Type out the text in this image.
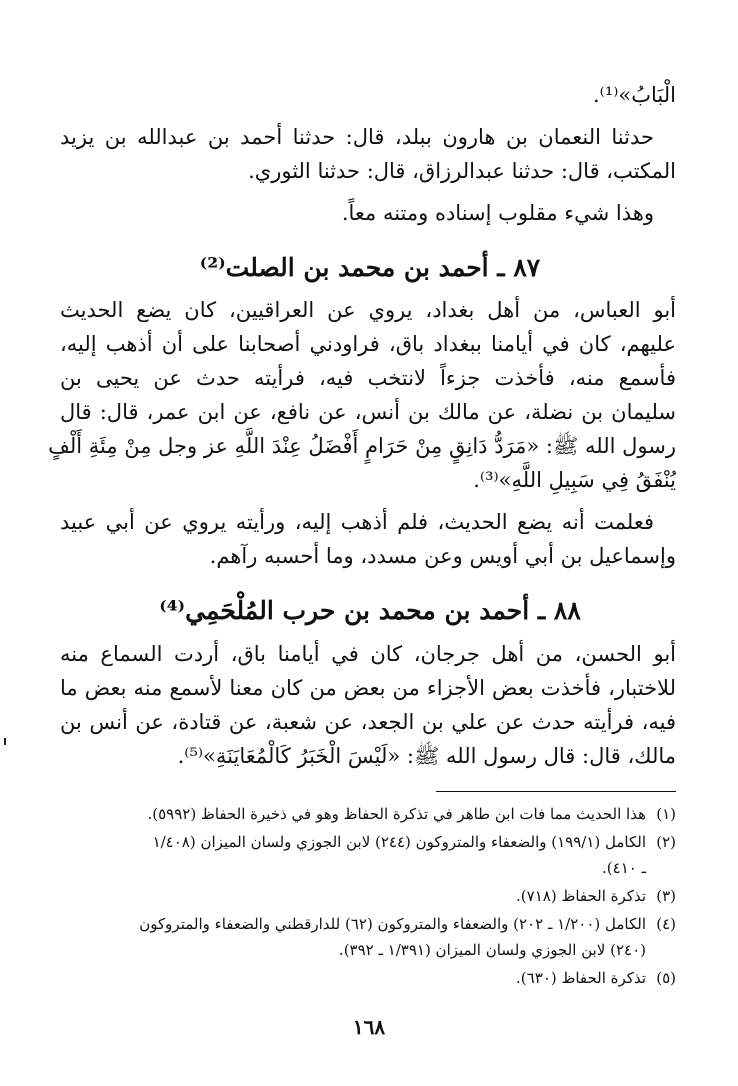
الْبَابُ»⁽¹⁾.
حدثنا النعمان بن هارون ببلد، قال: حدثنا أحمد بن عبدالله بن يزيد
المكتب، قال: حدثنا عبدالرزاق، قال: حدثنا الثوري.
وهذا شيء مقلوب إسناده ومتنه معاً.
٨٧ ـ أحمد بن محمد بن الصلت⁽²⁾
أبو العباس، من أهل بغداد، يروي عن العراقيين، كان يضع الحديث
عليهم، كان في أيامنا ببغداد باق، فراودني أصحابنا على أن أذهب إليه،
فأسمع منه، فأخذت جزءاً لانتخب فيه، فرأيته حدث عن يحيى بن
سليمان بن نضلة، عن مالك بن أنس، عن نافع، عن ابن عمر، قال: قال
رسول الله ﷺ: «مَرَدُّ دَانِقٍ مِنْ حَرَامٍ أَفْضَلُ عِنْدَ اللَّهِ عز وجل مِنْ مِئَةِ أَلْفٍ
يُنْفَقُ فِي سَبِيلِ اللَّهِ»⁽³⁾.
فعلمت أنه يضع الحديث، فلم أذهب إليه، ورأيته يروي عن أبي عبيد
وإسماعيل بن أبي أويس وعن مسدد، وما أحسبه رآهم.
٨٨ ـ أحمد بن محمد بن حرب المُلْحَمِي⁽⁴⁾
أبو الحسن، من أهل جرجان، كان في أيامنا باق، أردت السماع منه
للاختبار، فأخذت بعض الأجزاء من بعض من كان معنا لأسمع منه بعض ما
فيه، فرأيته حدث عن علي بن الجعد، عن شعبة، عن قتادة، عن أنس بن
مالك، قال: قال رسول الله ﷺ: «لَيْسَ الْخَبَرُ كَالْمُعَايَنَةِ»⁽⁵⁾.
(١)هذا الحديث مما فات ابن طاهر في تذكرة الحفاظ وهو في ذخيرة الحفاظ (٥٩٩٢).
(٢)الكامل (١٩٩/١) والضعفاء والمتروكون (٢٤٤) لابن الجوزي ولسان الميزان (١/٤٠٨
ـ ٤١٠).
(٣)تذكرة الحفاظ (٧١٨).
(٤)الكامل (١/٢٠٠ ـ ٢٠٢) والضعفاء والمتروكون (٦٢) للدارقطني والضعفاء والمتروكون
(٢٤٠) لابن الجوزي ولسان الميزان (١/٣٩١ ـ ٣٩٢).
(٥)تذكرة الحفاظ (٦٣٠).
١٦٨
